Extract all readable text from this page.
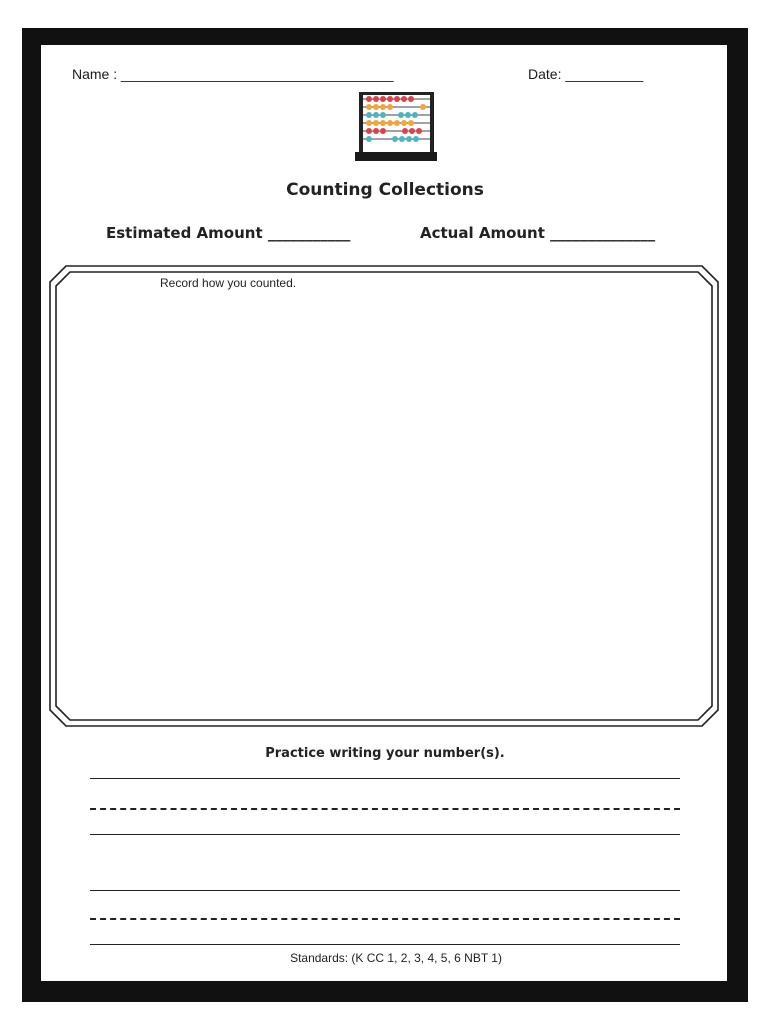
Name : ___________________________________	Date: __________
Counting Collections
Estimated Amount ___________	Actual Amount ______________
Record how you counted.
Practice writing your number(s).
Standards: (K CC 1, 2, 3, 4, 5, 6 NBT 1)
